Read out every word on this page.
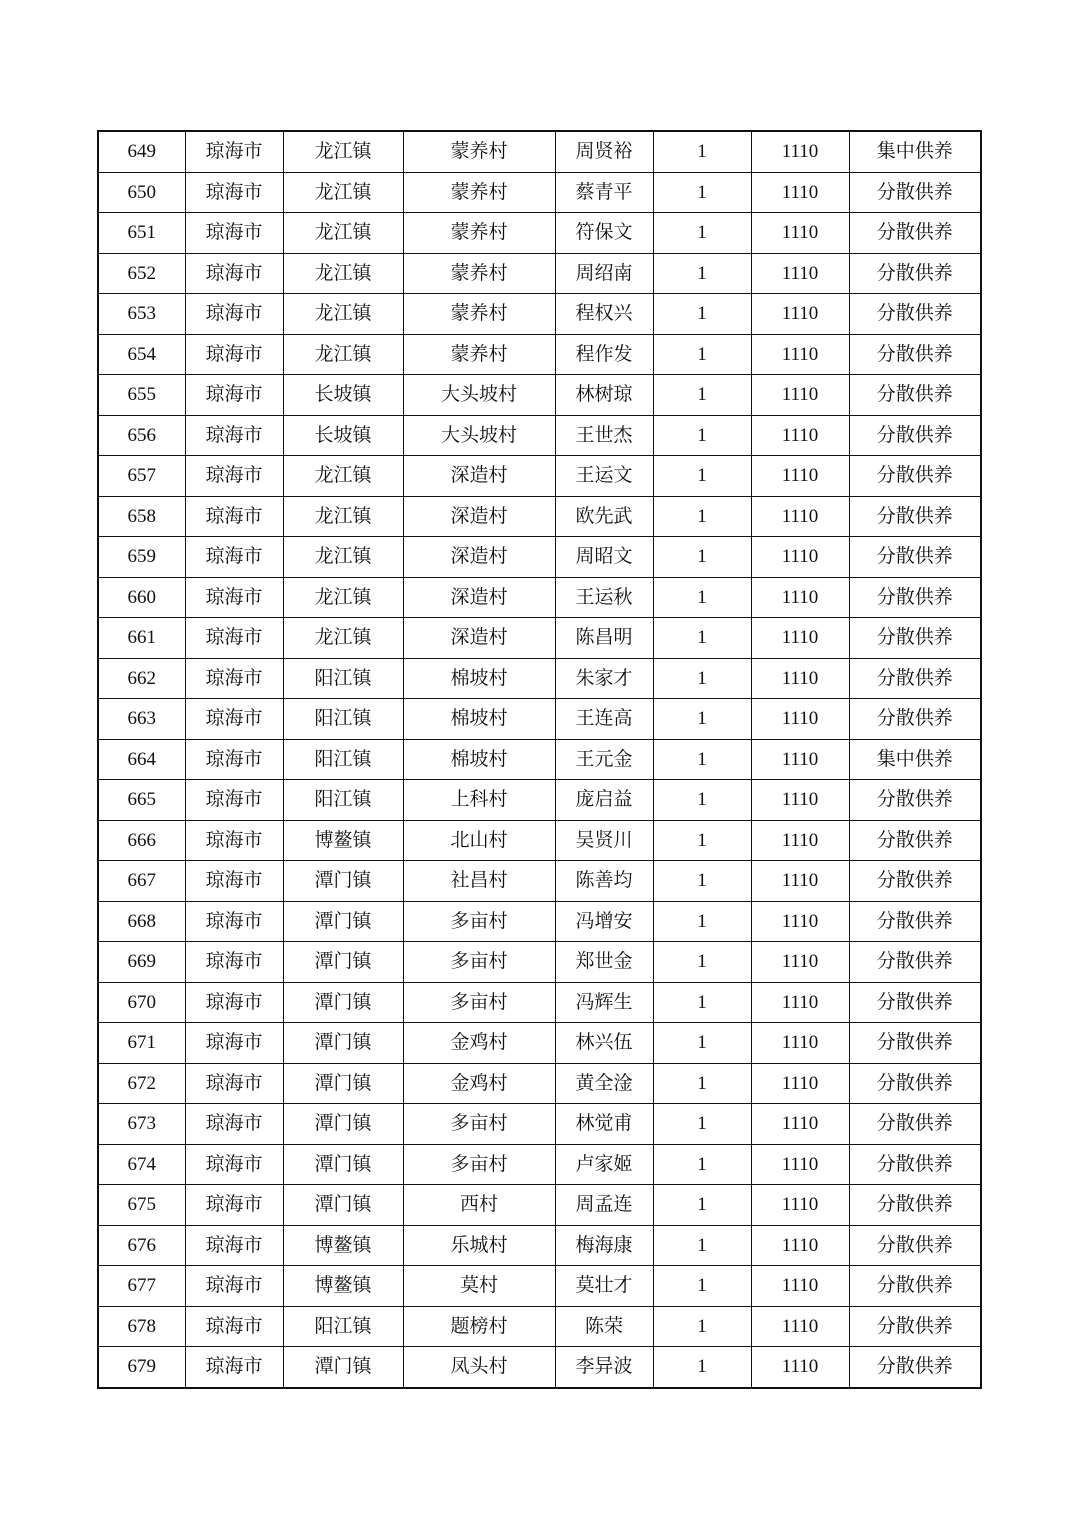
649	琼海市	龙江镇	蒙养村	周贤裕	1	1110	集中供养
650	琼海市	龙江镇	蒙养村	蔡青平	1	1110	分散供养
651	琼海市	龙江镇	蒙养村	符保文	1	1110	分散供养
652	琼海市	龙江镇	蒙养村	周绍南	1	1110	分散供养
653	琼海市	龙江镇	蒙养村	程权兴	1	1110	分散供养
654	琼海市	龙江镇	蒙养村	程作发	1	1110	分散供养
655	琼海市	长坡镇	大头坡村	林树琼	1	1110	分散供养
656	琼海市	长坡镇	大头坡村	王世杰	1	1110	分散供养
657	琼海市	龙江镇	深造村	王运文	1	1110	分散供养
658	琼海市	龙江镇	深造村	欧先武	1	1110	分散供养
659	琼海市	龙江镇	深造村	周昭文	1	1110	分散供养
660	琼海市	龙江镇	深造村	王运秋	1	1110	分散供养
661	琼海市	龙江镇	深造村	陈昌明	1	1110	分散供养
662	琼海市	阳江镇	棉坡村	朱家才	1	1110	分散供养
663	琼海市	阳江镇	棉坡村	王连高	1	1110	分散供养
664	琼海市	阳江镇	棉坡村	王元金	1	1110	集中供养
665	琼海市	阳江镇	上科村	庞启益	1	1110	分散供养
666	琼海市	博鳌镇	北山村	吴贤川	1	1110	分散供养
667	琼海市	潭门镇	社昌村	陈善均	1	1110	分散供养
668	琼海市	潭门镇	多亩村	冯增安	1	1110	分散供养
669	琼海市	潭门镇	多亩村	郑世金	1	1110	分散供养
670	琼海市	潭门镇	多亩村	冯辉生	1	1110	分散供养
671	琼海市	潭门镇	金鸡村	林兴伍	1	1110	分散供养
672	琼海市	潭门镇	金鸡村	黄全淦	1	1110	分散供养
673	琼海市	潭门镇	多亩村	林觉甫	1	1110	分散供养
674	琼海市	潭门镇	多亩村	卢家姬	1	1110	分散供养
675	琼海市	潭门镇	西村	周孟连	1	1110	分散供养
676	琼海市	博鳌镇	乐城村	梅海康	1	1110	分散供养
677	琼海市	博鳌镇	莫村	莫壮才	1	1110	分散供养
678	琼海市	阳江镇	题榜村	陈荣	1	1110	分散供养
679	琼海市	潭门镇	凤头村	李异波	1	1110	分散供养
